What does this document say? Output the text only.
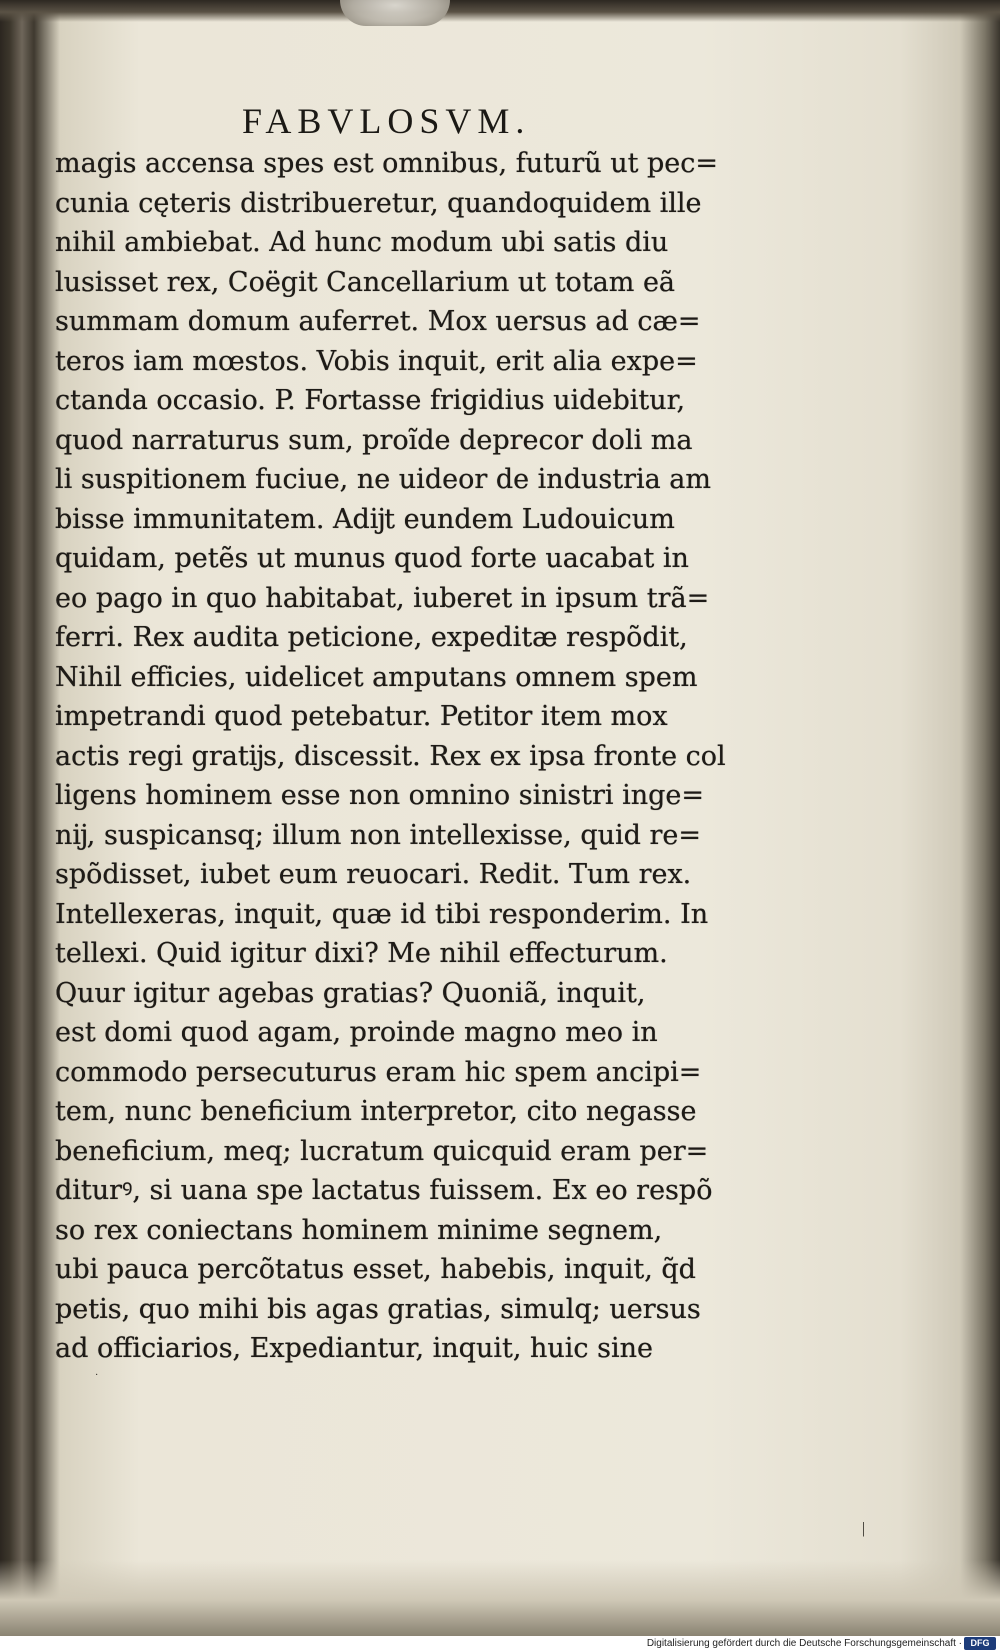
FABVLOSVM.
magis accensa spes est omnibus, futurũ ut pec=
cunia cęteris distribueretur, quandoquidem ille
nihil ambiebat. Ad hunc modum ubi satis diu
lusisset rex, Coëgit Cancellarium ut totam eã
summam domum auferret. Mox uersus ad cæ=
teros iam mœstos. Vobis inquit, erit alia expe=
ctanda occasio. P. Fortasse frigidius uidebitur,
quod narraturus sum, proĩde deprecor doli ma
li suspitionem fuciue, ne uideor de industria am
bisse immunitatem. Adĳt eundem Ludouicum
quidam, petẽs ut munus quod forte uacabat in
eo pago in quo habitabat, iuberet in ipsum trã=
ferri. Rex audita peticione, expeditæ respõdit,
Nihil efficies, uidelicet amputans omnem spem
impetrandi quod petebatur. Petitor item mox
actis regi gratĳs, discessit. Rex ex ipsa fronte col
ligens hominem esse non omnino sinistri inge=
nĳ, suspicansq; illum non intellexisse, quid re=
spõdisset, iubet eum reuocari. Redit. Tum rex.
Intellexeras, inquit, quæ id tibi responderim. In
tellexi. Quid igitur dixi? Me nihil effecturum.
Quur igitur agebas gratias? Quoniã, inquit,
est domi quod agam, proinde magno meo in
commodo persecuturus eram hic spem ancipi=
tem, nunc beneficium interpretor, cito negasse
beneficium, meq; lucratum quicquid eram per=
diturꝰ, si uana spe lactatus fuissem. Ex eo respõ
so rex coniectans hominem minime segnem,
ubi pauca percõtatus esset, habebis, inquit, q̃d
petis, quo mihi bis agas gratias, simulq; uersus
ad officiarios, Expediantur, inquit, huic sine
|
·
Digitalisierung gefördert durch die Deutsche Forschungsgemeinschaft · DFG
